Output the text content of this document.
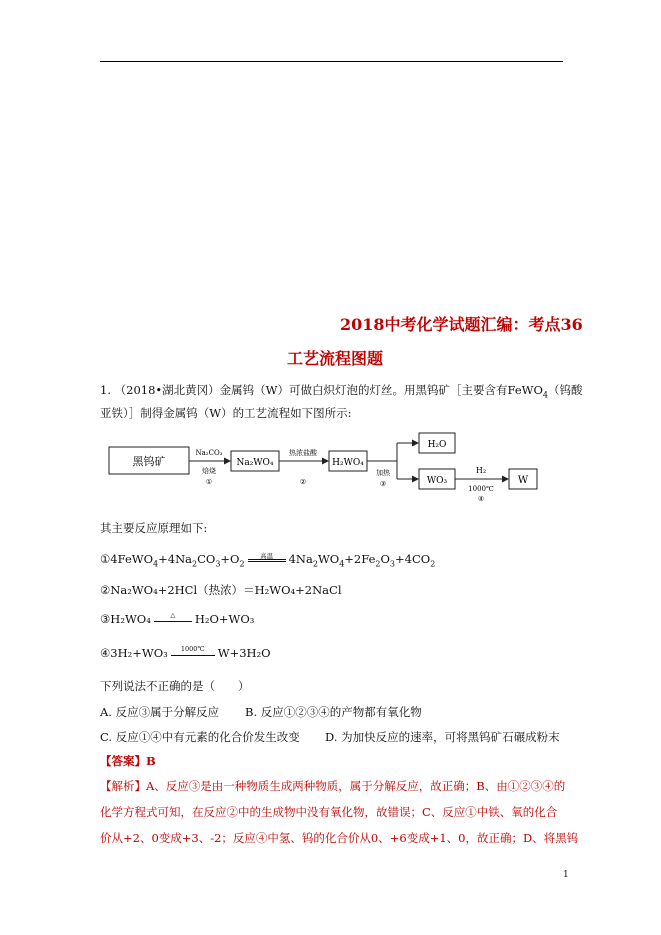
2018中考化学试题汇编：考点36
工艺流程图题
1. （2018•湖北黄冈）金属钨（W）可做白炽灯泡的灯丝。用黑钨矿［主要含有FeWO$_4$（钨酸
亚铁）］制得金属钨（W）的工艺流程如下图所示:
黑钨矿	Na₂WO₄	H₂WO₄
H₂O
WO₃	W
Na₂CO₃
焙烧
①
热浓盐酸
②
加热
③
H₂
1000℃
④
其主要反应原理如下:
$①4FeWO_4+4Na_2CO_3+O_2$
高温	$4Na_2WO_4+2Fe_2O_3+4CO_2$
②Na₂WO₄+2HCl（热浓）＝H₂WO₄+2NaCl
③H₂WO₄	△	H₂O+WO₃
④3H₂+WO₃	1000℃	W+3H₂O
下列说法不正确的是（　　）
A. 反应③属于分解反应 B. 反应①②③④的产物都有氧化物
C. 反应①④中有元素的化合价发生改变 D. 为加快反应的速率，可将黑钨矿石碾成粉末
【答案】B
【解析】A、反应③是由一种物质生成两种物质，属于分解反应，故正确；B、由①②③④的
化学方程式可知，在反应②中的生成物中没有氧化物，故错误；C、反应①中铁、氧的化合
价从+2、0变成+3、-2；反应④中氢、钨的化合价从0、+6变成+1、0，故正确；D、将黑钨
1
